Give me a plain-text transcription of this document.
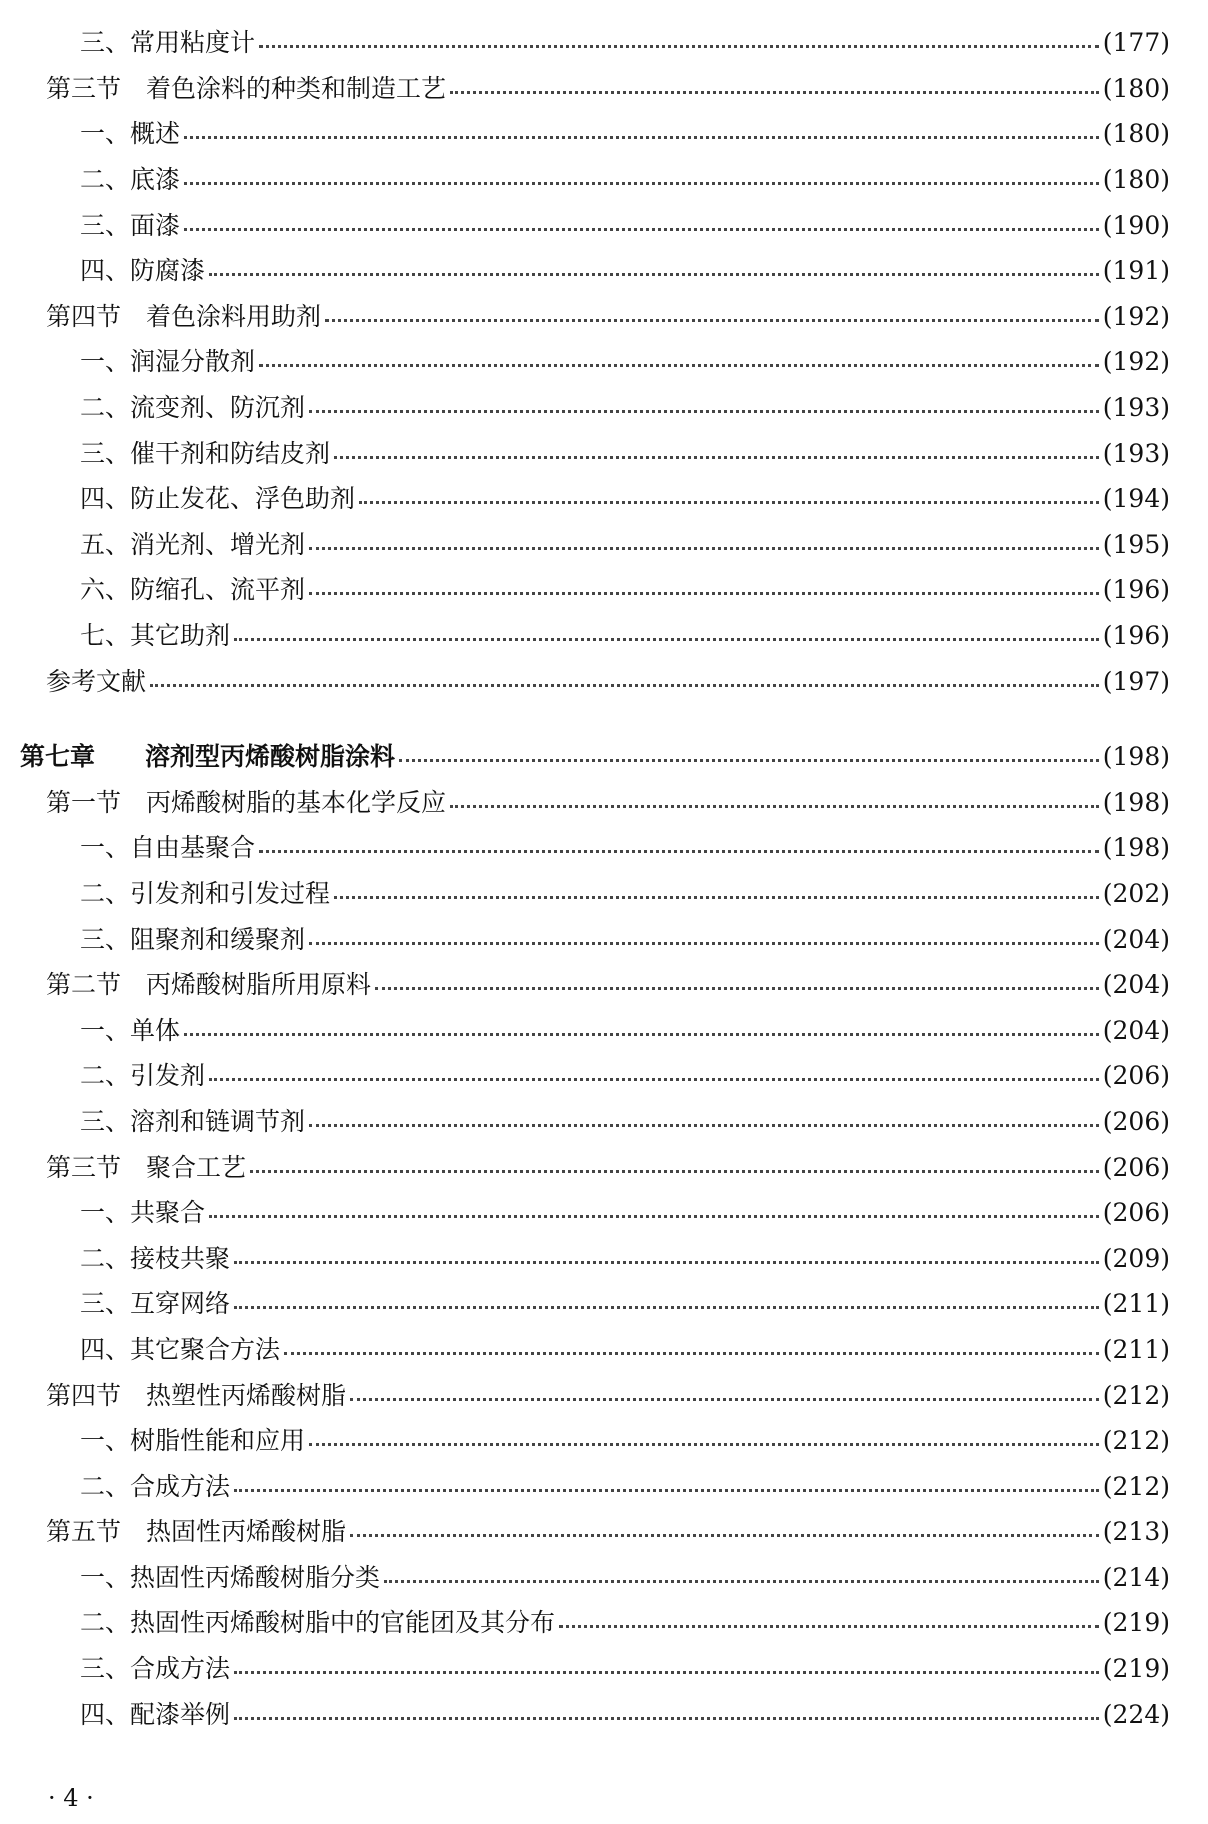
三、常用粘度计	(177)
第三节　着色涂料的种类和制造工艺	(180)
一、概述	(180)
二、底漆	(180)
三、面漆	(190)
四、防腐漆	(191)
第四节　着色涂料用助剂	(192)
一、润湿分散剂	(192)
二、流变剂、防沉剂	(193)
三、催干剂和防结皮剂	(193)
四、防止发花、浮色助剂	(194)
五、消光剂、增光剂	(195)
六、防缩孔、流平剂	(196)
七、其它助剂	(196)
参考文献	(197)
第七章　　溶剂型丙烯酸树脂涂料	(198)
第一节　丙烯酸树脂的基本化学反应	(198)
一、自由基聚合	(198)
二、引发剂和引发过程	(202)
三、阻聚剂和缓聚剂	(204)
第二节　丙烯酸树脂所用原料	(204)
一、单体	(204)
二、引发剂	(206)
三、溶剂和链调节剂	(206)
第三节　聚合工艺	(206)
一、共聚合	(206)
二、接枝共聚	(209)
三、互穿网络	(211)
四、其它聚合方法	(211)
第四节　热塑性丙烯酸树脂	(212)
一、树脂性能和应用	(212)
二、合成方法	(212)
第五节　热固性丙烯酸树脂	(213)
一、热固性丙烯酸树脂分类	(214)
二、热固性丙烯酸树脂中的官能团及其分布	(219)
三、合成方法	(219)
四、配漆举例	(224)
· 4 ·
